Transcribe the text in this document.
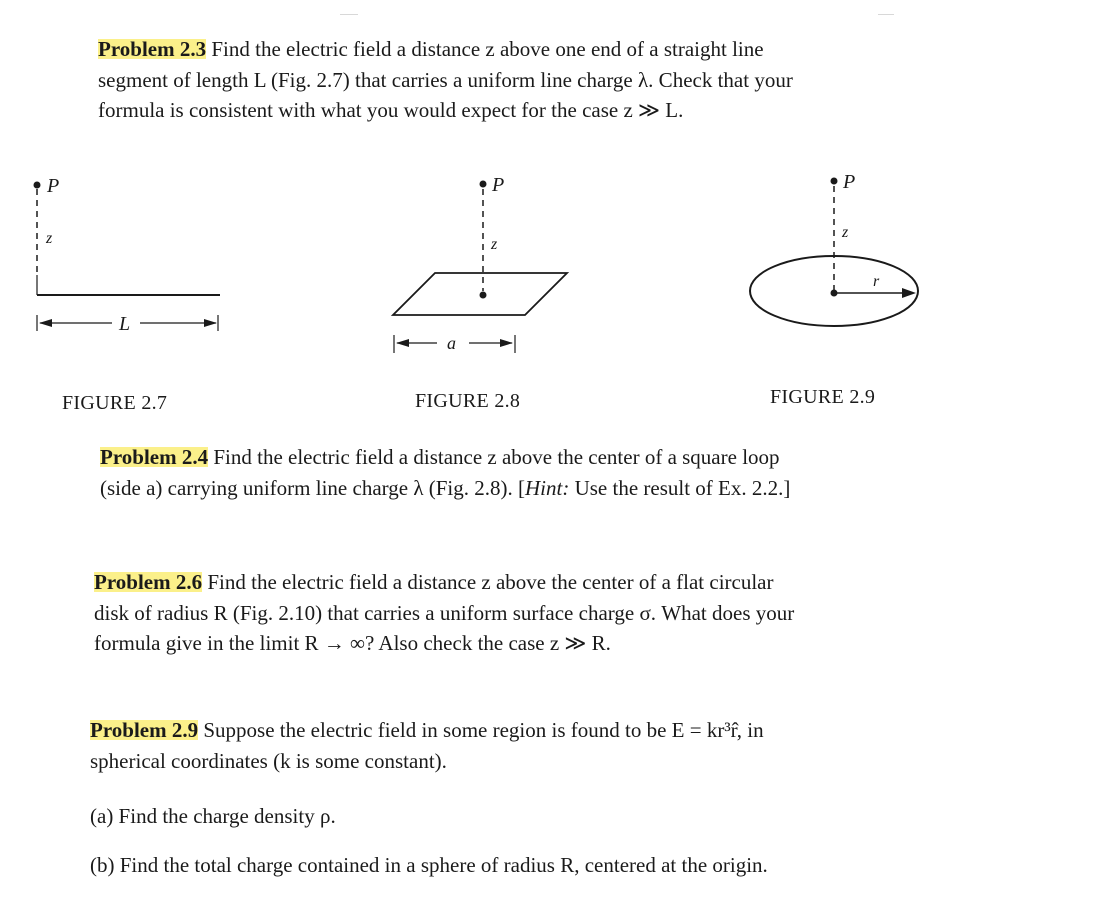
Problem 2.3 Find the electric field a distance z above one end of a straight line
segment of length L (Fig. 2.7) that carries a uniform line charge λ. Check that your
formula is consistent with what you would expect for the case z ≫ L.
P
z
L
P
z
a
P
z
r
FIGURE 2.7	FIGURE 2.8	FIGURE 2.9
Problem 2.4 Find the electric field a distance z above the center of a square loop
(side a) carrying uniform line charge λ (Fig. 2.8). [Hint: Use the result of Ex. 2.2.]
Problem 2.6 Find the electric field a distance z above the center of a flat circular
disk of radius R (Fig. 2.10) that carries a uniform surface charge σ. What does your
formula give in the limit R → ∞? Also check the case z ≫ R.
Problem 2.9 Suppose the electric field in some region is found to be E = kr³r̂, in
spherical coordinates (k is some constant).
(a) Find the charge density ρ.
(b) Find the total charge contained in a sphere of radius R, centered at the origin.
